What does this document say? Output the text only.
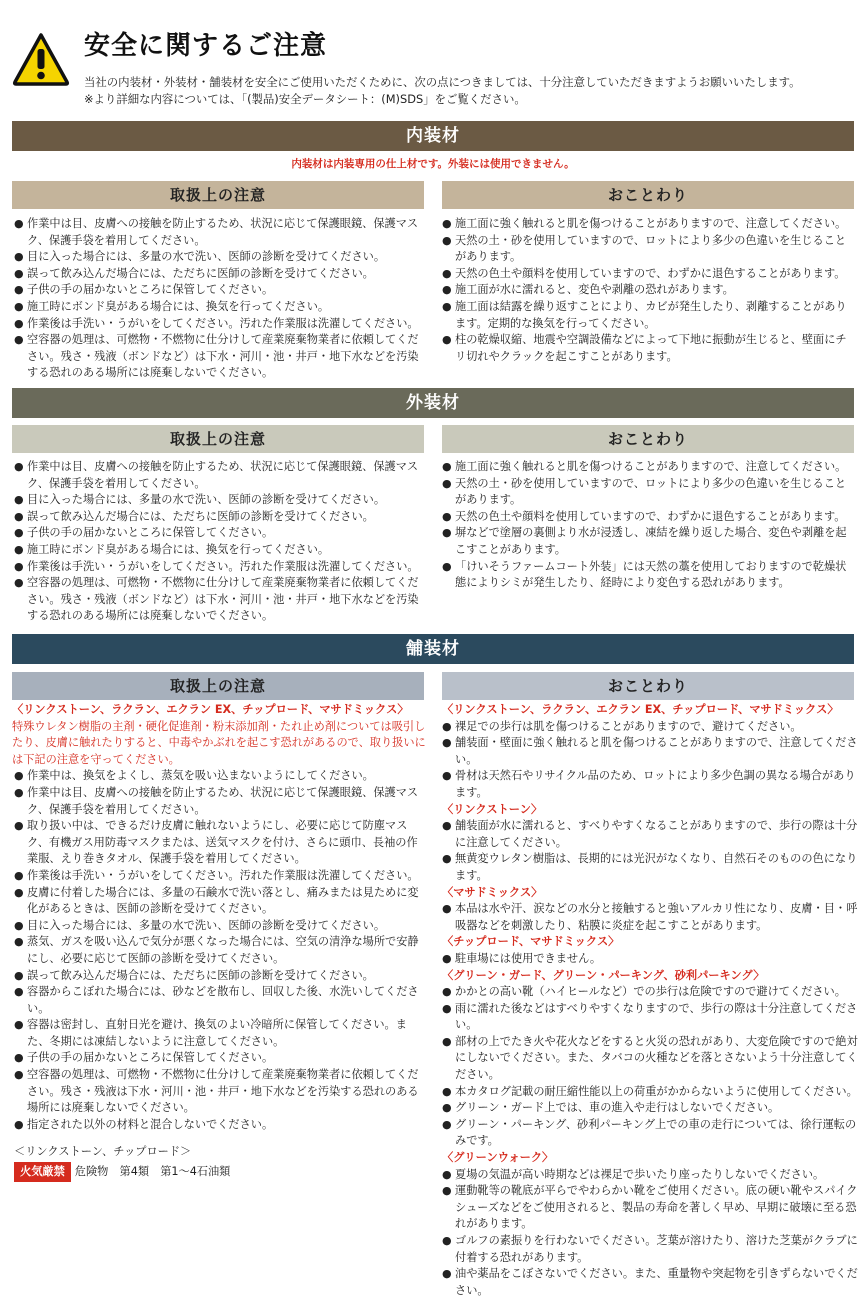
安全に関するご注意
当社の内装材・外装材・舗装材を安全にご使用いただくために、次の点につきましては、十分注意していただきますようお願いいたします。
※より詳細な内容については、「(製品)安全データシート：(M)SDS」をご覧ください。
内装材
内装材は内装専用の仕上材です。外装には使用できません。
取扱上の注意	おことわり
● 作業中は目、皮膚への接触を防止するため、状況に応じて保護眼鏡、保護マスク、保護手袋を着用してください。
● 目に入った場合には、多量の水で洗い、医師の診断を受けてください。
● 誤って飲み込んだ場合には、ただちに医師の診断を受けてください。
● 子供の手の届かないところに保管してください。
● 施工時にボンド臭がある場合には、換気を行ってください。
● 作業後は手洗い・うがいをしてください。汚れた作業服は洗濯してください。
● 空容器の処理は、可燃物・不燃物に仕分けして産業廃棄物業者に依頼してください。残さ・残液（ボンドなど）は下水・河川・池・井戸・地下水などを汚染する恐れのある場所には廃棄しないでください。
● 施工面に強く触れると肌を傷つけることがありますので、注意してください。
● 天然の土・砂を使用していますので、ロットにより多少の色違いを生じることがあります。
● 天然の色土や顔料を使用していますので、わずかに退色することがあります。
● 施工面が水に濡れると、変色や剥離の恐れがあります。
● 施工面は結露を繰り返すことにより、カビが発生したり、剥離することがあります。定期的な換気を行ってください。
● 柱の乾燥収縮、地震や空調設備などによって下地に振動が生じると、壁面にチリ切れやクラックを起こすことがあります。
外装材
取扱上の注意	おことわり
● 作業中は目、皮膚への接触を防止するため、状況に応じて保護眼鏡、保護マスク、保護手袋を着用してください。
● 目に入った場合には、多量の水で洗い、医師の診断を受けてください。
● 誤って飲み込んだ場合には、ただちに医師の診断を受けてください。
● 子供の手の届かないところに保管してください。
● 施工時にボンド臭がある場合には、換気を行ってください。
● 作業後は手洗い・うがいをしてください。汚れた作業服は洗濯してください。
● 空容器の処理は、可燃物・不燃物に仕分けして産業廃棄物業者に依頼してください。残さ・残液（ボンドなど）は下水・河川・池・井戸・地下水などを汚染する恐れのある場所には廃棄しないでください。
● 施工面に強く触れると肌を傷つけることがありますので、注意してください。
● 天然の土・砂を使用していますので、ロットにより多少の色違いを生じることがあります。
● 天然の色土や顔料を使用していますので、わずかに退色することがあります。
● 塀などで塗層の裏側より水が浸透し、凍結を繰り返した場合、変色や剥離を起こすことがあります。
● 「けいそうファームコート外装」には天然の藁を使用しておりますので乾燥状態によりシミが発生したり、経時により変色する恐れがあります。
舗装材
取扱上の注意	おことわり
〈リンクストーン、ラクラン、エクラン EX、チップロード、マサドミックス〉
特殊ウレタン樹脂の主剤・硬化促進剤・粉末添加剤・たれ止め剤については吸引したり、皮膚に触れたりすると、中毒やかぶれを起こす恐れがあるので、取り扱いには下記の注意を守ってください。
● 作業中は、換気をよくし、蒸気を吸い込まないようにしてください。
● 作業中は目、皮膚への接触を防止するため、状況に応じて保護眼鏡、保護マスク、保護手袋を着用してください。
● 取り扱い中は、できるだけ皮膚に触れないようにし、必要に応じて防塵マスク、有機ガス用防毒マスクまたは、送気マスクを付け、さらに頭巾、長袖の作業服、えり巻きタオル、保護手袋を着用してください。
● 作業後は手洗い・うがいをしてください。汚れた作業服は洗濯してください。
● 皮膚に付着した場合には、多量の石鹸水で洗い落とし、痛みまたは見ために変化があるときは、医師の診断を受けてください。
● 目に入った場合には、多量の水で洗い、医師の診断を受けてください。
● 蒸気、ガスを吸い込んで気分が悪くなった場合には、空気の清浄な場所で安静にし、必要に応じて医師の診断を受けてください。
● 誤って飲み込んだ場合には、ただちに医師の診断を受けてください。
● 容器からこぼれた場合には、砂などを散布し、回収した後、水洗いしてください。
● 容器は密封し、直射日光を避け、換気のよい冷暗所に保管してください。また、冬期には凍結しないように注意してください。
● 子供の手の届かないところに保管してください。
● 空容器の処理は、可燃物・不燃物に仕分けして産業廃棄物業者に依頼してください。残さ・残液は下水・河川・池・井戸・地下水などを汚染する恐れのある場所には廃棄しないでください。
● 指定された以外の材料と混合しないでください。
＜リンクストーン、チップロード＞
火気厳禁 危険物　第4類　第1〜4石油類
〈リンクストーン、ラクラン、エクラン EX、チップロード、マサドミックス〉
● 裸足での歩行は肌を傷つけることがありますので、避けてください。
● 舗装面・壁面に強く触れると肌を傷つけることがありますので、注意してください。
● 骨材は天然石やリサイクル品のため、ロットにより多少色調の異なる場合があります。
〈リンクストーン〉
● 舗装面が水に濡れると、すべりやすくなることがありますので、歩行の際は十分に注意してください。
● 無黄変ウレタン樹脂は、長期的には光沢がなくなり、自然石そのものの色になります。
〈マサドミックス〉
● 本品は水や汗、涙などの水分と接触すると強いアルカリ性になり、皮膚・目・呼吸器などを刺激したり、粘膜に炎症を起こすことがあります。
〈チップロード、マサドミックス〉
● 駐車場には使用できません。
〈グリーン・ガード、グリーン・パーキング、砂利パーキング〉
● かかとの高い靴（ハイヒールなど）での歩行は危険ですので避けてください。
● 雨に濡れた後などはすべりやすくなりますので、歩行の際は十分注意してください。
● 部材の上でたき火や花火などをすると火災の恐れがあり、大変危険ですので絶対にしないでください。また、タバコの火種などを落とさないよう十分注意してください。
● 本カタログ記載の耐圧縮性能以上の荷重がかからないように使用してください。
● グリーン・ガード上では、車の進入や走行はしないでください。
● グリーン・パーキング、砂利パーキング上での車の走行については、徐行運転のみです。
〈グリーンウォーク〉
● 夏場の気温が高い時期などは裸足で歩いたり座ったりしないでください。
● 運動靴等の靴底が平らでやわらかい靴をご使用ください。底の硬い靴やスパイクシューズなどをご使用されると、製品の寿命を著しく早め、早期に破壊に至る恐れがあります。
● ゴルフの素振りを行わないでください。芝葉が溶けたり、溶けた芝葉がクラブに付着する恐れがあります。
● 油や薬品をこぼさないでください。また、重量物や突起物を引きずらないでください。
